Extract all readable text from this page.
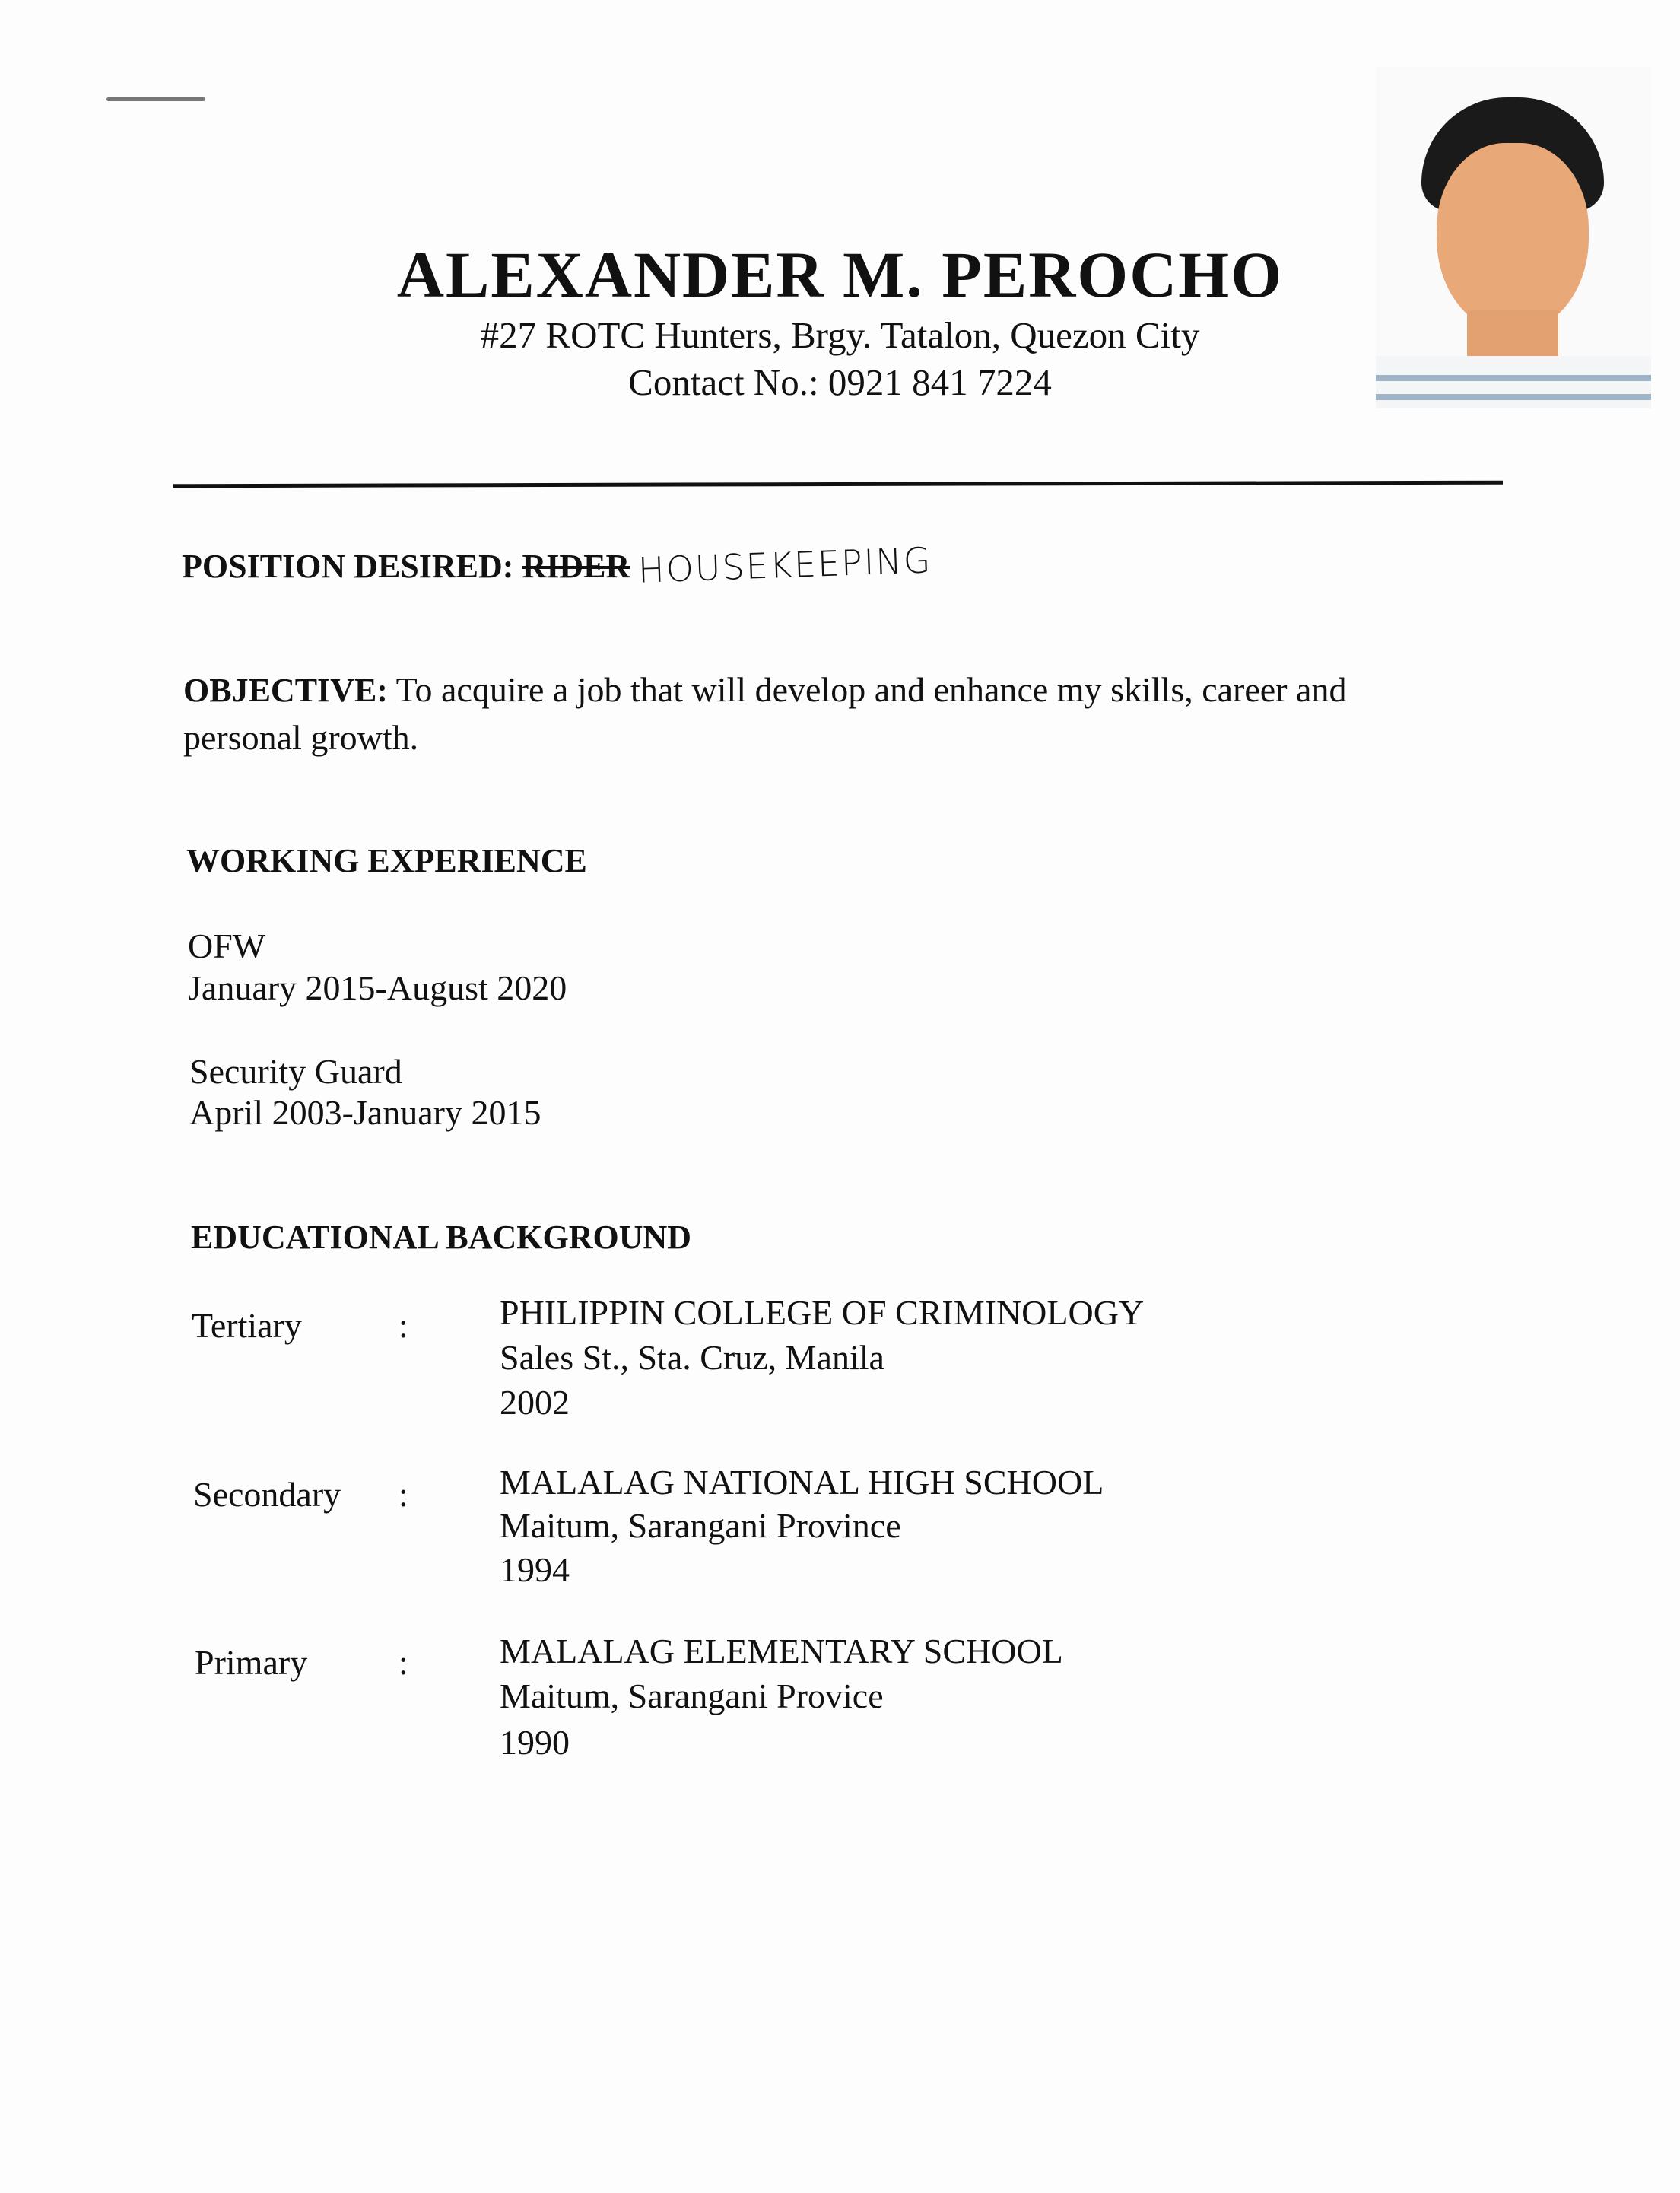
ALEXANDER M. PEROCHO
#27 ROTC Hunters, Brgy. Tatalon, Quezon City
Contact No.: 0921 841 7224
POSITION DESIRED: RIDER HOUSEKEEPING
OBJECTIVE: To acquire a job that will develop and enhance my skills, career and
personal growth.
WORKING EXPERIENCE
OFW
January 2015-August 2020
Security Guard
April 2003-January 2015
EDUCATIONAL BACKGROUND
Tertiary	:	PHILIPPIN COLLEGE OF CRIMINOLOGY
Sales St., Sta. Cruz, Manila
2002
Secondary :	MALALAG NATIONAL HIGH SCHOOL
Maitum, Sarangani Province
1994
Primary	:	MALALAG ELEMENTARY SCHOOL
Maitum, Sarangani Provice
1990
